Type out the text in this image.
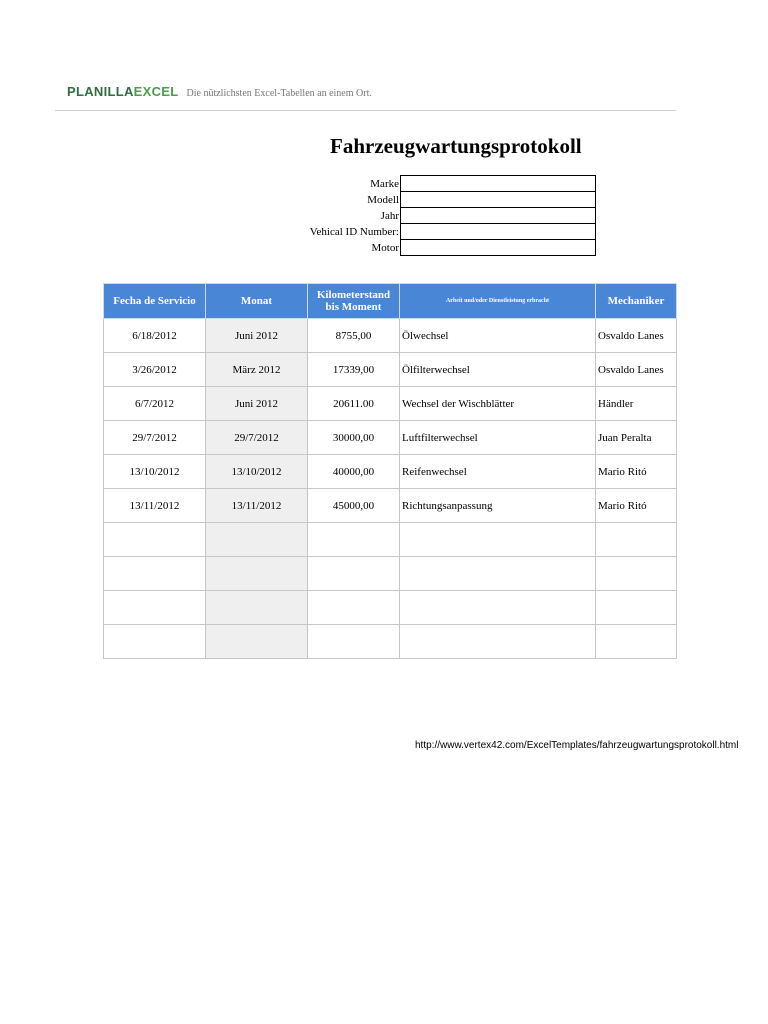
PLANILLAEXCEL Die nützlichsten Excel-Tabellen an einem Ort.
Fahrzeugwartungsprotokoll
Marke	
Modell	
Jahr	
Vehical ID Number:	
Motor	
Fecha de Servicio	Monat	Kilometerstand bis Moment	Arbeit und/oder Dienstleistung erbracht	Mechaniker
6/18/2012	Juni 2012	8755,00	Ölwechsel	Osvaldo Lanes
3/26/2012	März 2012	17339,00	Ölfilterwechsel	Osvaldo Lanes
6/7/2012	Juni 2012	20611.00	Wechsel der Wischblätter	Händler
29/7/2012	29/7/2012	30000,00	Luftfilterwechsel	Juan Peralta
13/10/2012	13/10/2012	40000,00	Reifenwechsel	Mario Ritó
13/11/2012	13/11/2012	45000,00	Richtungsanpassung	Mario Ritó

http://www.vertex42.com/ExcelTemplates/fahrzeugwartungsprotokoll.html
